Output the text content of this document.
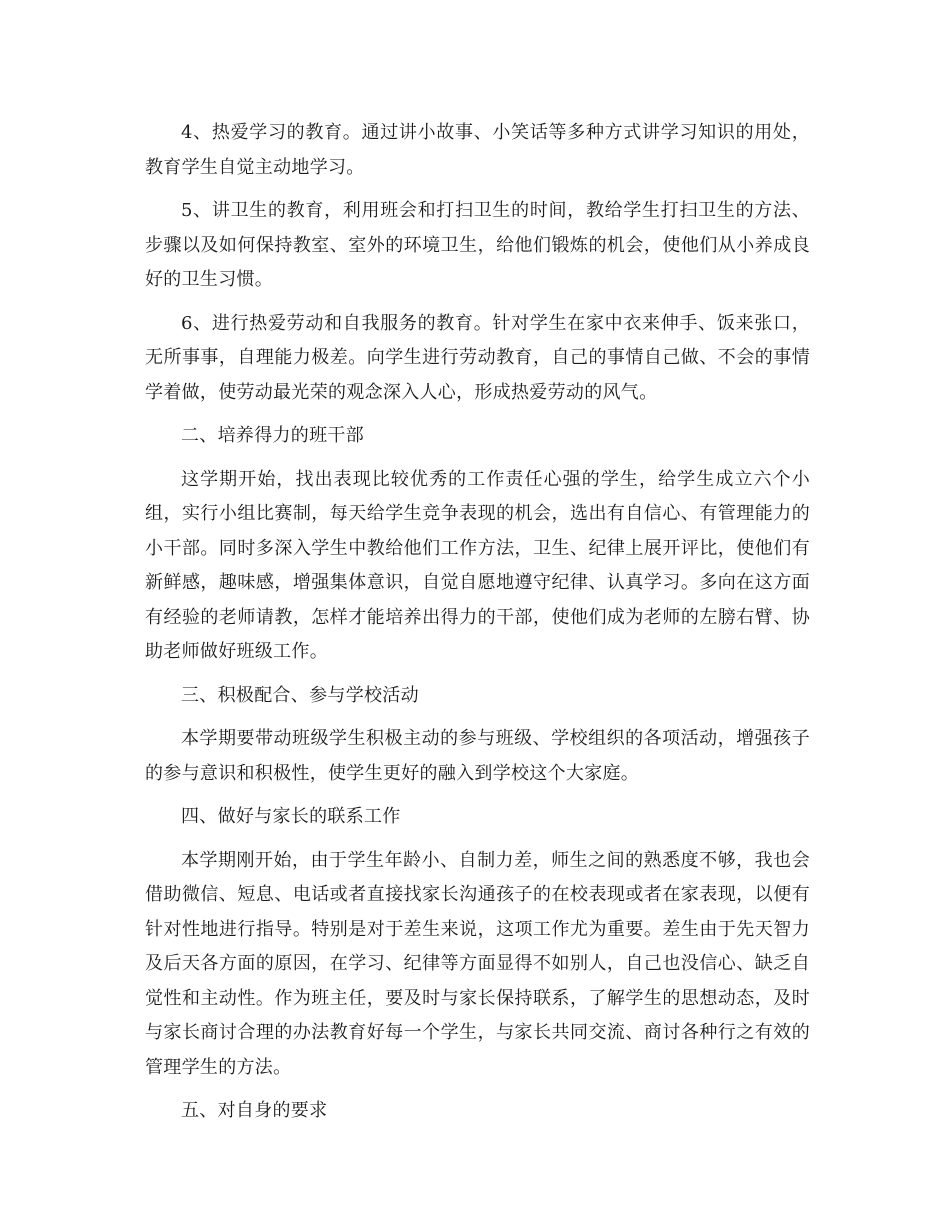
4、热爱学习的教育。通过讲小故事、小笑话等多种方式讲学习知识的用处，教育学生自觉主动地学习。

5、讲卫生的教育，利用班会和打扫卫生的时间，教给学生打扫卫生的方法、步骤以及如何保持教室、室外的环境卫生，给他们锻炼的机会，使他们从小养成良好的卫生习惯。

6、进行热爱劳动和自我服务的教育。针对学生在家中衣来伸手、饭来张口，无所事事，自理能力极差。向学生进行劳动教育，自己的事情自己做、不会的事情学着做，使劳动最光荣的观念深入人心，形成热爱劳动的风气。

二、培养得力的班干部

这学期开始，找出表现比较优秀的工作责任心强的学生，给学生成立六个小组，实行小组比赛制，每天给学生竞争表现的机会，选出有自信心、有管理能力的小干部。同时多深入学生中教给他们工作方法，卫生、纪律上展开评比，使他们有新鲜感，趣味感，增强集体意识，自觉自愿地遵守纪律、认真学习。多向在这方面有经验的老师请教，怎样才能培养出得力的干部，使他们成为老师的左膀右臂、协助老师做好班级工作。

三、积极配合、参与学校活动

本学期要带动班级学生积极主动的参与班级、学校组织的各项活动，增强孩子的参与意识和积极性，使学生更好的融入到学校这个大家庭。

四、做好与家长的联系工作

本学期刚开始，由于学生年龄小、自制力差，师生之间的熟悉度不够，我也会借助微信、短息、电话或者直接找家长沟通孩子的在校表现或者在家表现，以便有针对性地进行指导。特别是对于差生来说，这项工作尤为重要。差生由于先天智力及后天各方面的原因，在学习、纪律等方面显得不如别人，自己也没信心、缺乏自觉性和主动性。作为班主任，要及时与家长保持联系，了解学生的思想动态，及时与家长商讨合理的办法教育好每一个学生，与家长共同交流、商讨各种行之有效的管理学生的方法。

五、对自身的要求
